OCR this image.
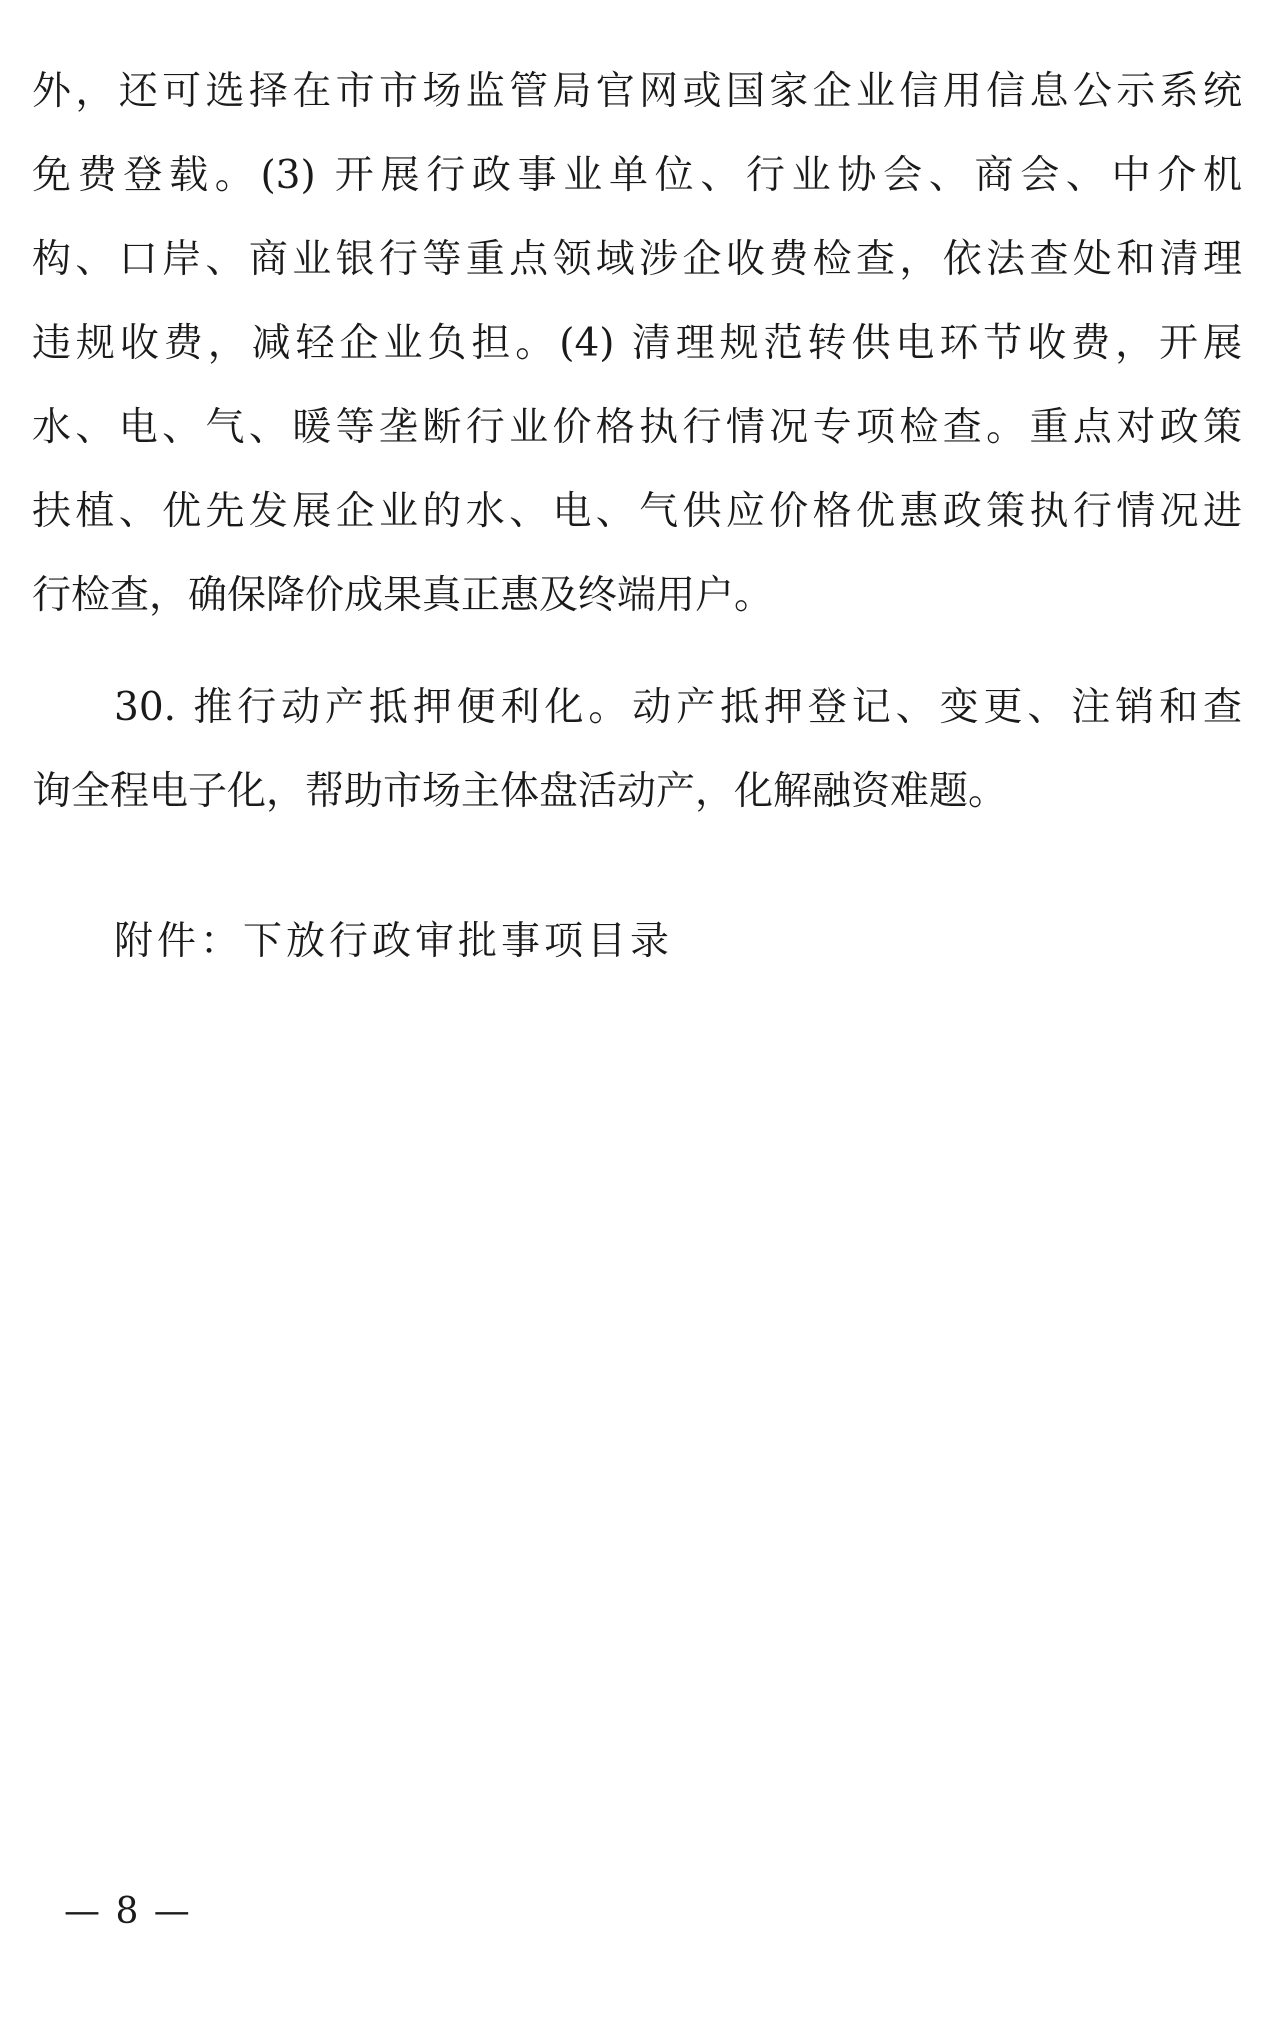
外，还可选择在市市场监管局官网或国家企业信用信息公示系统
免费登载。(3) 开展行政事业单位、行业协会、商会、中介机
构、口岸、商业银行等重点领域涉企收费检查，依法查处和清理
违规收费，减轻企业负担。(4) 清理规范转供电环节收费，开展
水、电、气、暖等垄断行业价格执行情况专项检查。重点对政策
扶植、优先发展企业的水、电、气供应价格优惠政策执行情况进
行检查，确保降价成果真正惠及终端用户。
30. 推行动产抵押便利化。动产抵押登记、变更、注销和查
询全程电子化，帮助市场主体盘活动产，化解融资难题。
附件：下放行政审批事项目录
— 8 —
